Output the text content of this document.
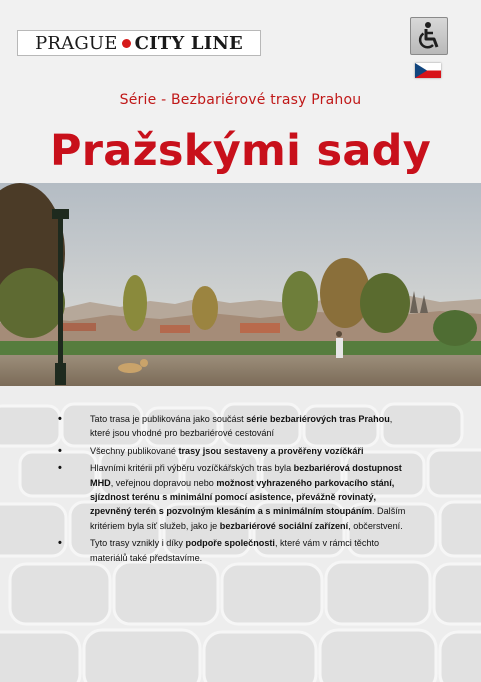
PRAGUE CITY LINE
Série - Bezbariérové trasy Prahou
Pražskými sady
•	Tato trasa je publikována jako součást série bezbariérových tras Prahou, které jsou vhodné pro bezbariérové cestování
•	Všechny publikované trasy jsou sestaveny a prověřeny vozíčkáři
•	Hlavními kritérii při výběru vozíčkářských tras byla bezbariérová dostupnost MHD, veřejnou dopravou nebo možnost vyhrazeného parkovacího stání, sjízdnost terénu s minimální pomocí asistence, převážně rovinatý, zpevněný terén s pozvolným klesáním a s minimálním stoupáním. Dalším kritériem byla síť služeb, jako je bezbariérové sociální zařízení, občerstvení.
•	Tyto trasy vznikly i díky podpoře společnosti, které vám v rámci těchto materiálů také představíme.
